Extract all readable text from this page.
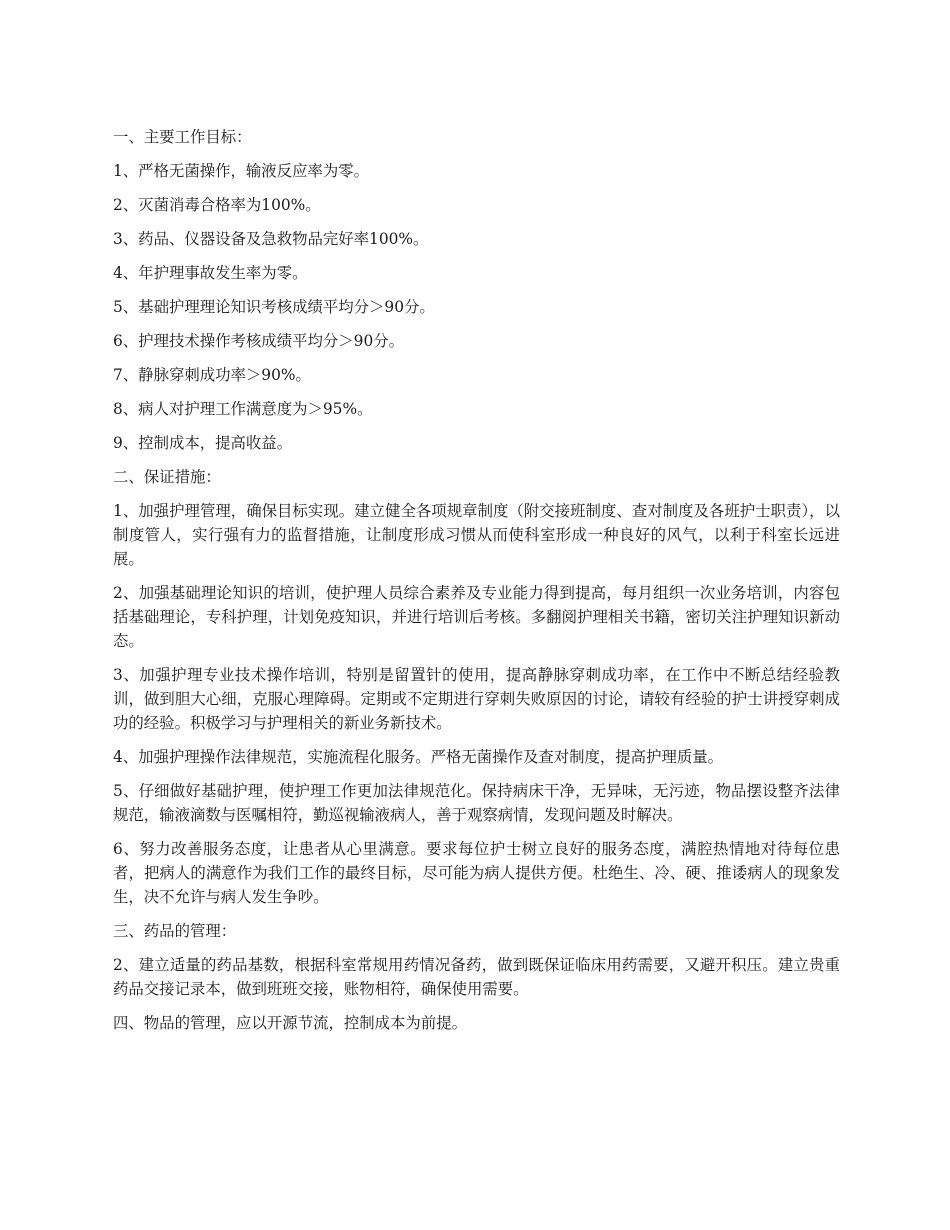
一、主要工作目标：

1、严格无菌操作，输液反应率为零。

2、灭菌消毒合格率为100%。

3、药品、仪器设备及急救物品完好率100%。

4、年护理事故发生率为零。

5、基础护理理论知识考核成绩平均分＞90分。

6、护理技术操作考核成绩平均分＞90分。

7、静脉穿刺成功率＞90%。

8、病人对护理工作满意度为＞95%。

9、控制成本，提高收益。

二、保证措施：

1、加强护理管理，确保目标实现。建立健全各项规章制度（附交接班制度、查对制度及各班护士职责），以制度管人，实行强有力的监督措施，让制度形成习惯从而使科室形成一种良好的风气，以利于科室长远进展。

2、加强基础理论知识的培训，使护理人员综合素养及专业能力得到提高，每月组织一次业务培训，内容包括基础理论，专科护理，计划免疫知识，并进行培训后考核。多翻阅护理相关书籍，密切关注护理知识新动态。

3、加强护理专业技术操作培训，特别是留置针的使用，提高静脉穿刺成功率，在工作中不断总结经验教训，做到胆大心细，克服心理障碍。定期或不定期进行穿刺失败原因的讨论，请较有经验的护士讲授穿刺成功的经验。积极学习与护理相关的新业务新技术。

4、加强护理操作法律规范，实施流程化服务。严格无菌操作及查对制度，提高护理质量。

5、仔细做好基础护理，使护理工作更加法律规范化。保持病床干净，无异味，无污迹，物品摆设整齐法律规范，输液滴数与医嘱相符，勤巡视输液病人，善于观察病情，发现问题及时解决。

6、努力改善服务态度，让患者从心里满意。要求每位护士树立良好的服务态度，满腔热情地对待每位患者，把病人的满意作为我们工作的最终目标，尽可能为病人提供方便。杜绝生、冷、硬、推诿病人的现象发生，决不允许与病人发生争吵。

三、药品的管理：

2、建立适量的药品基数，根据科室常规用药情况备药，做到既保证临床用药需要，又避开积压。建立贵重药品交接记录本，做到班班交接，账物相符，确保使用需要。

四、物品的管理，应以开源节流，控制成本为前提。
